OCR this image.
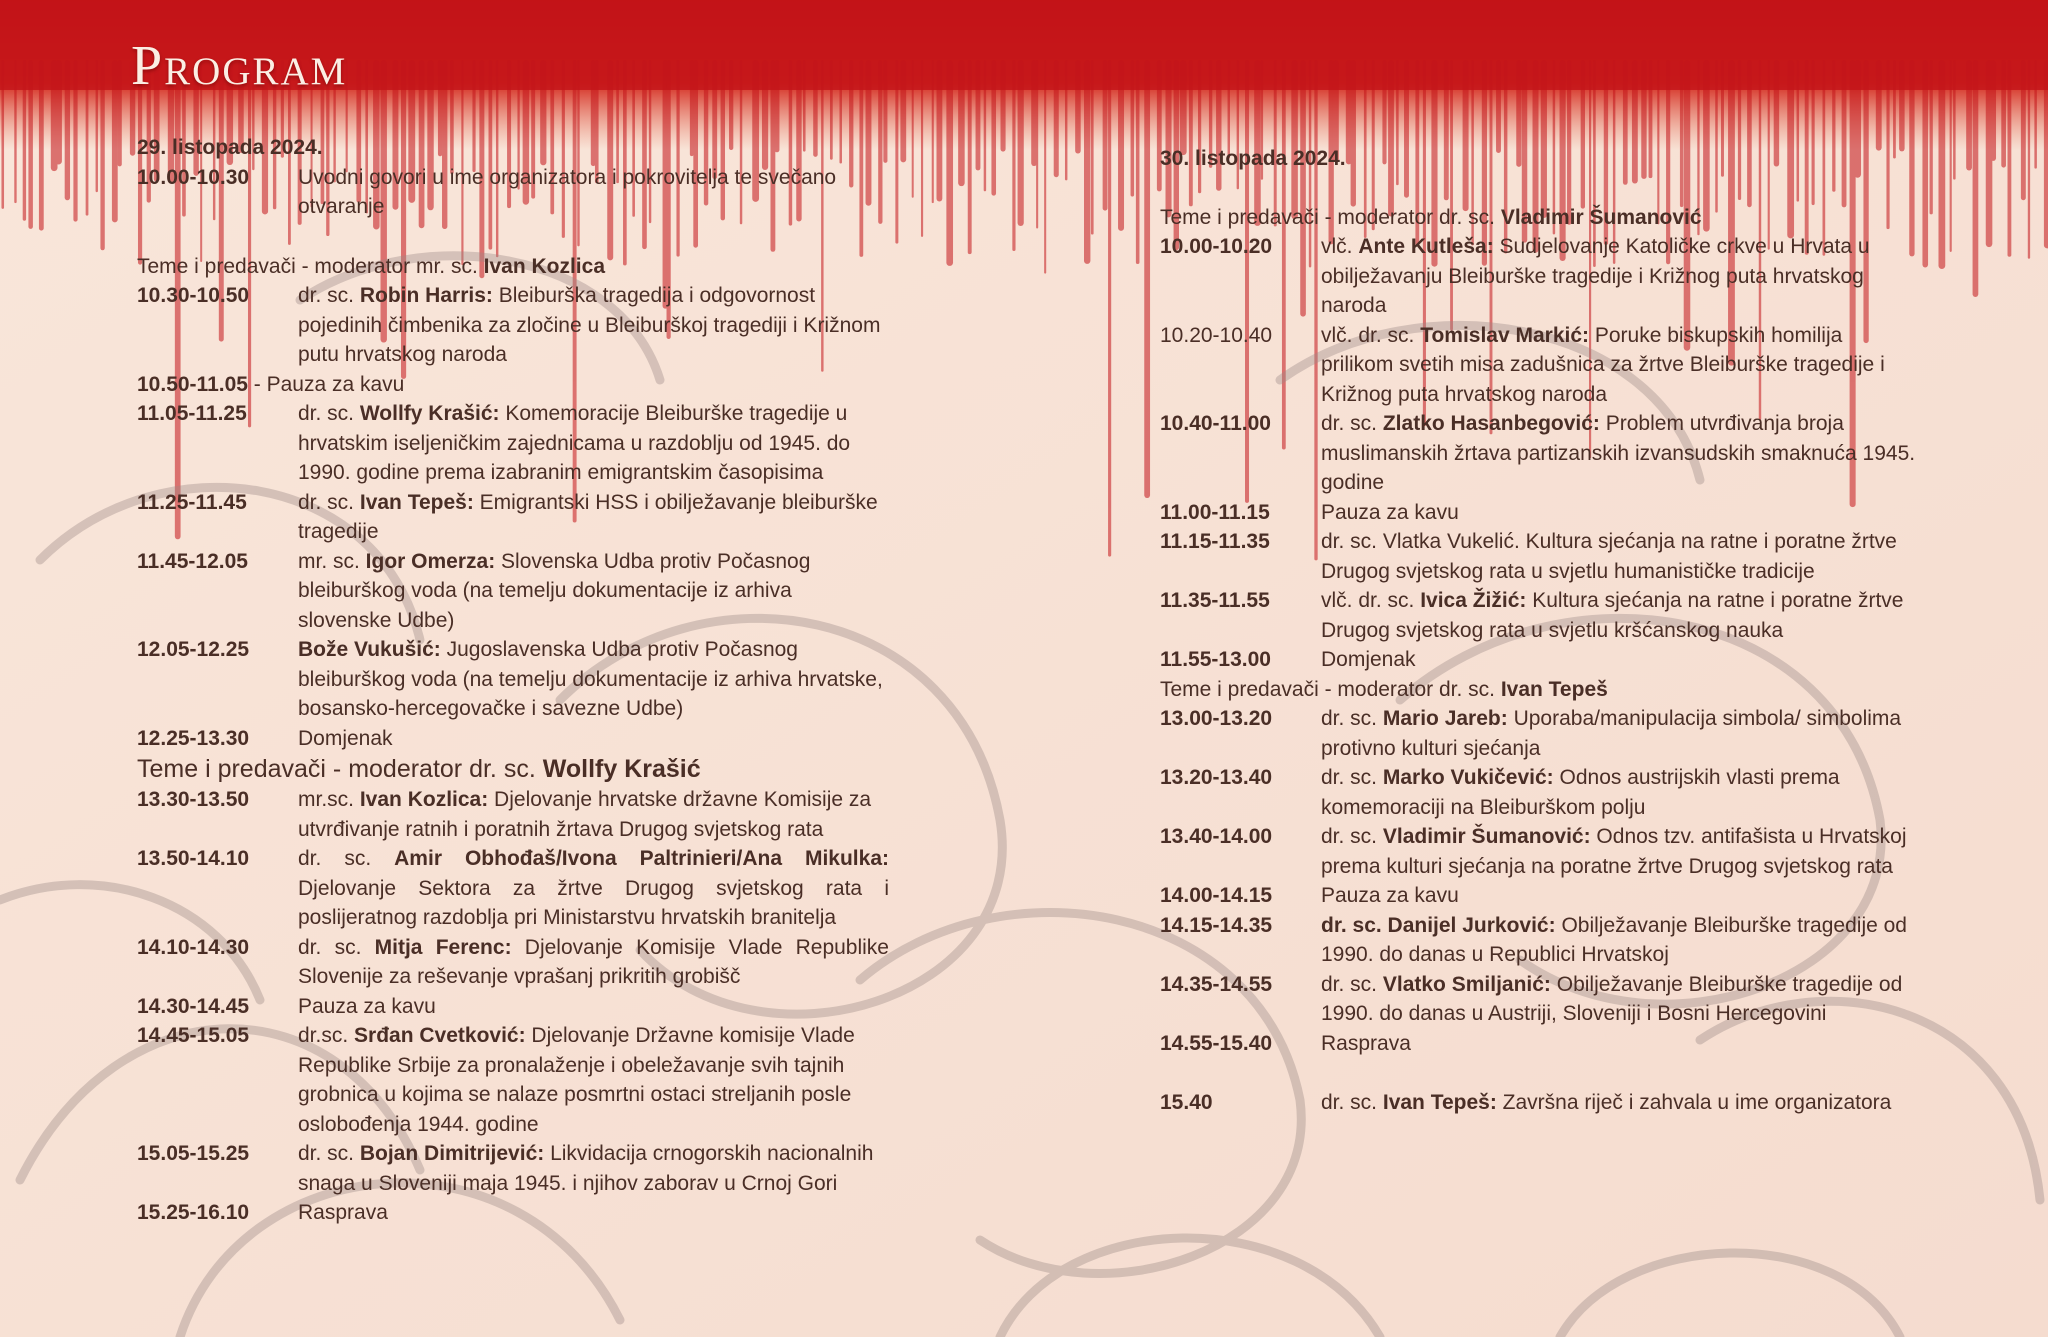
Program
29. listopada 2024.
10.00-10.30	Uvodni govori u ime organizatora i pokrovitelja te svečano otvaranje
Teme i predavači - moderator mr. sc. Ivan Kozlica
10.30-10.50	dr. sc. Robin Harris: Bleiburška tragedija i odgovornost pojedinih čimbenika za zločine u Bleiburškoj tragediji i Križnom putu hrvatskog naroda
10.50-11.05 - Pauza za kavu
11.05-11.25	dr. sc. Wollfy Krašić: Komemoracije Bleiburške tragedije u hrvatskim iseljeničkim zajednicama u razdoblju od 1945. do 1990. godine prema izabranim emigrantskim časopisima
11.25-11.45	dr. sc. Ivan Tepeš: Emigrantski HSS i obilježavanje bleiburške tragedije
11.45-12.05	mr. sc. Igor Omerza: Slovenska Udba protiv Počasnog bleiburškog voda (na temelju dokumentacije iz arhiva slovenske Udbe)
12.05-12.25	Bože Vukušić: Jugoslavenska Udba protiv Počasnog bleiburškog voda (na temelju dokumentacije iz arhiva hrvatske, bosansko-hercegovačke i savezne Udbe)
12.25-13.30	Domjenak
Teme i predavači - moderator dr. sc. Wollfy Krašić
13.30-13.50	mr.sc. Ivan Kozlica: Djelovanje hrvatske državne Komisije za utvrđivanje ratnih i poratnih žrtava Drugog svjetskog rata
13.50-14.10	dr. sc. Amir Obhođaš/Ivona Paltrinieri/Ana Mikulka: Djelovanje Sektora za žrtve Drugog svjetskog rata i poslijeratnog razdoblja pri Ministarstvu hrvatskih branitelja
14.10-14.30	dr. sc. Mitja Ferenc: Djelovanje Komisije Vlade Republike Slovenije za reševanje vprašanj prikritih grobišč
14.30-14.45	Pauza za kavu
14.45-15.05	dr.sc. Srđan Cvetković: Djelovanje Državne komisije Vlade Republike Srbije za pronalaženje i obeležavanje svih tajnih grobnica u kojima se nalaze posmrtni ostaci streljanih posle oslobođenja 1944. godine
15.05-15.25	dr. sc. Bojan Dimitrijević: Likvidacija crnogorskih nacionalnih snaga u Sloveniji maja 1945. i njihov zaborav u Crnoj Gori
15.25-16.10	Rasprava
30. listopada 2024.
Teme i predavači - moderator dr. sc. Vladimir Šumanović
10.00-10.20	vlč. Ante Kutleša: Sudjelovanje Katoličke crkve u Hrvata u obilježavanju Bleiburške tragedije i Križnog puta hrvatskog naroda
10.20-10.40	vlč. dr. sc. Tomislav Markić: Poruke biskupskih homilija prilikom svetih misa zadušnica za žrtve Bleiburške tragedije i Križnog puta hrvatskog naroda
10.40-11.00	dr. sc. Zlatko Hasanbegović: Problem utvrđivanja broja muslimanskih žrtava partizanskih izvansudskih smaknuća 1945. godine
11.00-11.15	Pauza za kavu
11.15-11.35	dr. sc. Vlatka Vukelić. Kultura sjećanja na ratne i poratne žrtve Drugog svjetskog rata u svjetlu humanističke tradicije
11.35-11.55	vlč. dr. sc. Ivica Žižić: Kultura sjećanja na ratne i poratne žrtve Drugog svjetskog rata u svjetlu kršćanskog nauka
11.55-13.00	Domjenak
Teme i predavači - moderator dr. sc. Ivan Tepeš
13.00-13.20	dr. sc. Mario Jareb: Uporaba/manipulacija simbola/ simbolima protivno kulturi sjećanja
13.20-13.40	dr. sc. Marko Vukičević: Odnos austrijskih vlasti prema komemoraciji na Bleiburškom polju
13.40-14.00	dr. sc. Vladimir Šumanović: Odnos tzv. antifašista u Hrvatskoj prema kulturi sjećanja na poratne žrtve Drugog svjetskog rata
14.00-14.15	Pauza za kavu
14.15-14.35	dr. sc. Danijel Jurković: Obilježavanje Bleiburške tragedije od 1990. do danas u Republici Hrvatskoj
14.35-14.55	dr. sc. Vlatko Smiljanić: Obilježavanje Bleiburške tragedije od 1990. do danas u Austriji, Sloveniji i Bosni Hercegovini
14.55-15.40	Rasprava
15.40	dr. sc. Ivan Tepeš: Završna riječ i zahvala u ime organizatora
